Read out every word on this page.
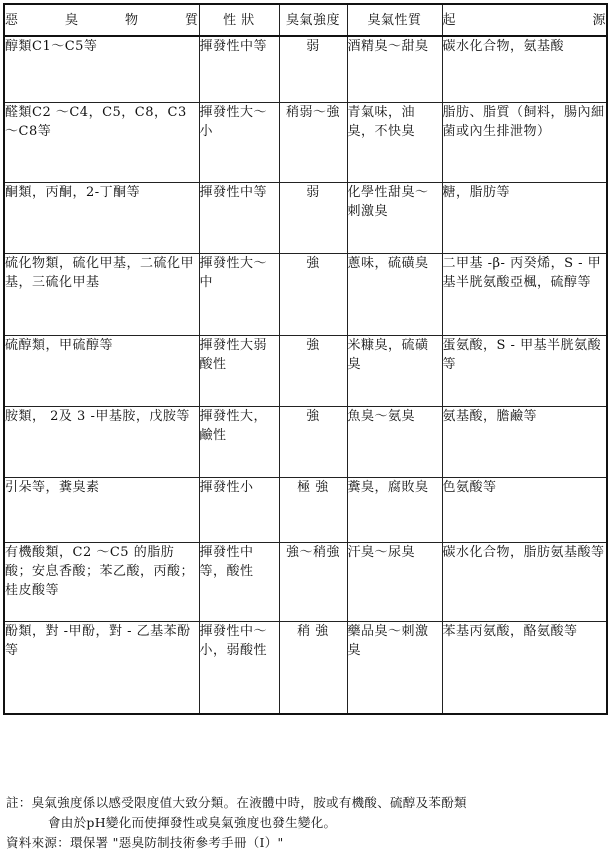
惡 臭 物 質	性 狀	臭氣強度	臭氣性質	起 源
醇類C1～C5等	揮發性中等	弱	酒精臭～甜臭	碳水化合物，氨基酸
醛類C2 ～C4，C5，C8，C3～C8等	揮發性大～小	稍弱～強	青氣味，油臭，不快臭	脂肪、脂質（飼料，腸內細菌或內生排泄物）
酮類，丙酮，2-丁酮等	揮發性中等	弱	化學性甜臭～刺激臭	糖，脂肪等
硫化物類，硫化甲基，二硫化甲基，三硫化甲基	揮發性大～中	強	蔥味，硫磺臭	二甲基 -β- 丙癸烯，S - 甲基半胱氨酸亞楓，硫醇等
硫醇類，甲硫醇等	揮發性大弱酸性	強	米糠臭，硫磺臭	蛋氨酸，S - 甲基半胱氨酸等
胺類， 2及 3 -甲基胺，戊胺等	揮發性大，鹼性	強	魚臭～氨臭	氨基酸，膽鹼等
引朵等，糞臭素	揮發性小	極 強	糞臭，腐敗臭	色氨酸等
有機酸類，C2 ～C5 的脂肪酸；安息香酸；苯乙酸，丙酸；桂皮酸等	揮發性中等，酸性	強～稍強	汗臭～尿臭	碳水化合物，脂肪氨基酸等
酚類，對 -甲酚，對 - 乙基苯酚等	揮發性中～小，弱酸性	稍 強	藥品臭～刺激臭	苯基丙氨酸，酪氨酸等

註：臭氣強度係以感受限度值大致分類。在液體中時，胺或有機酸、硫醇及苯酚類

會由於pH變化而使揮發性或臭氣強度也發生變化。

資料來源：環保署 "惡臭防制技術參考手冊（I）"
